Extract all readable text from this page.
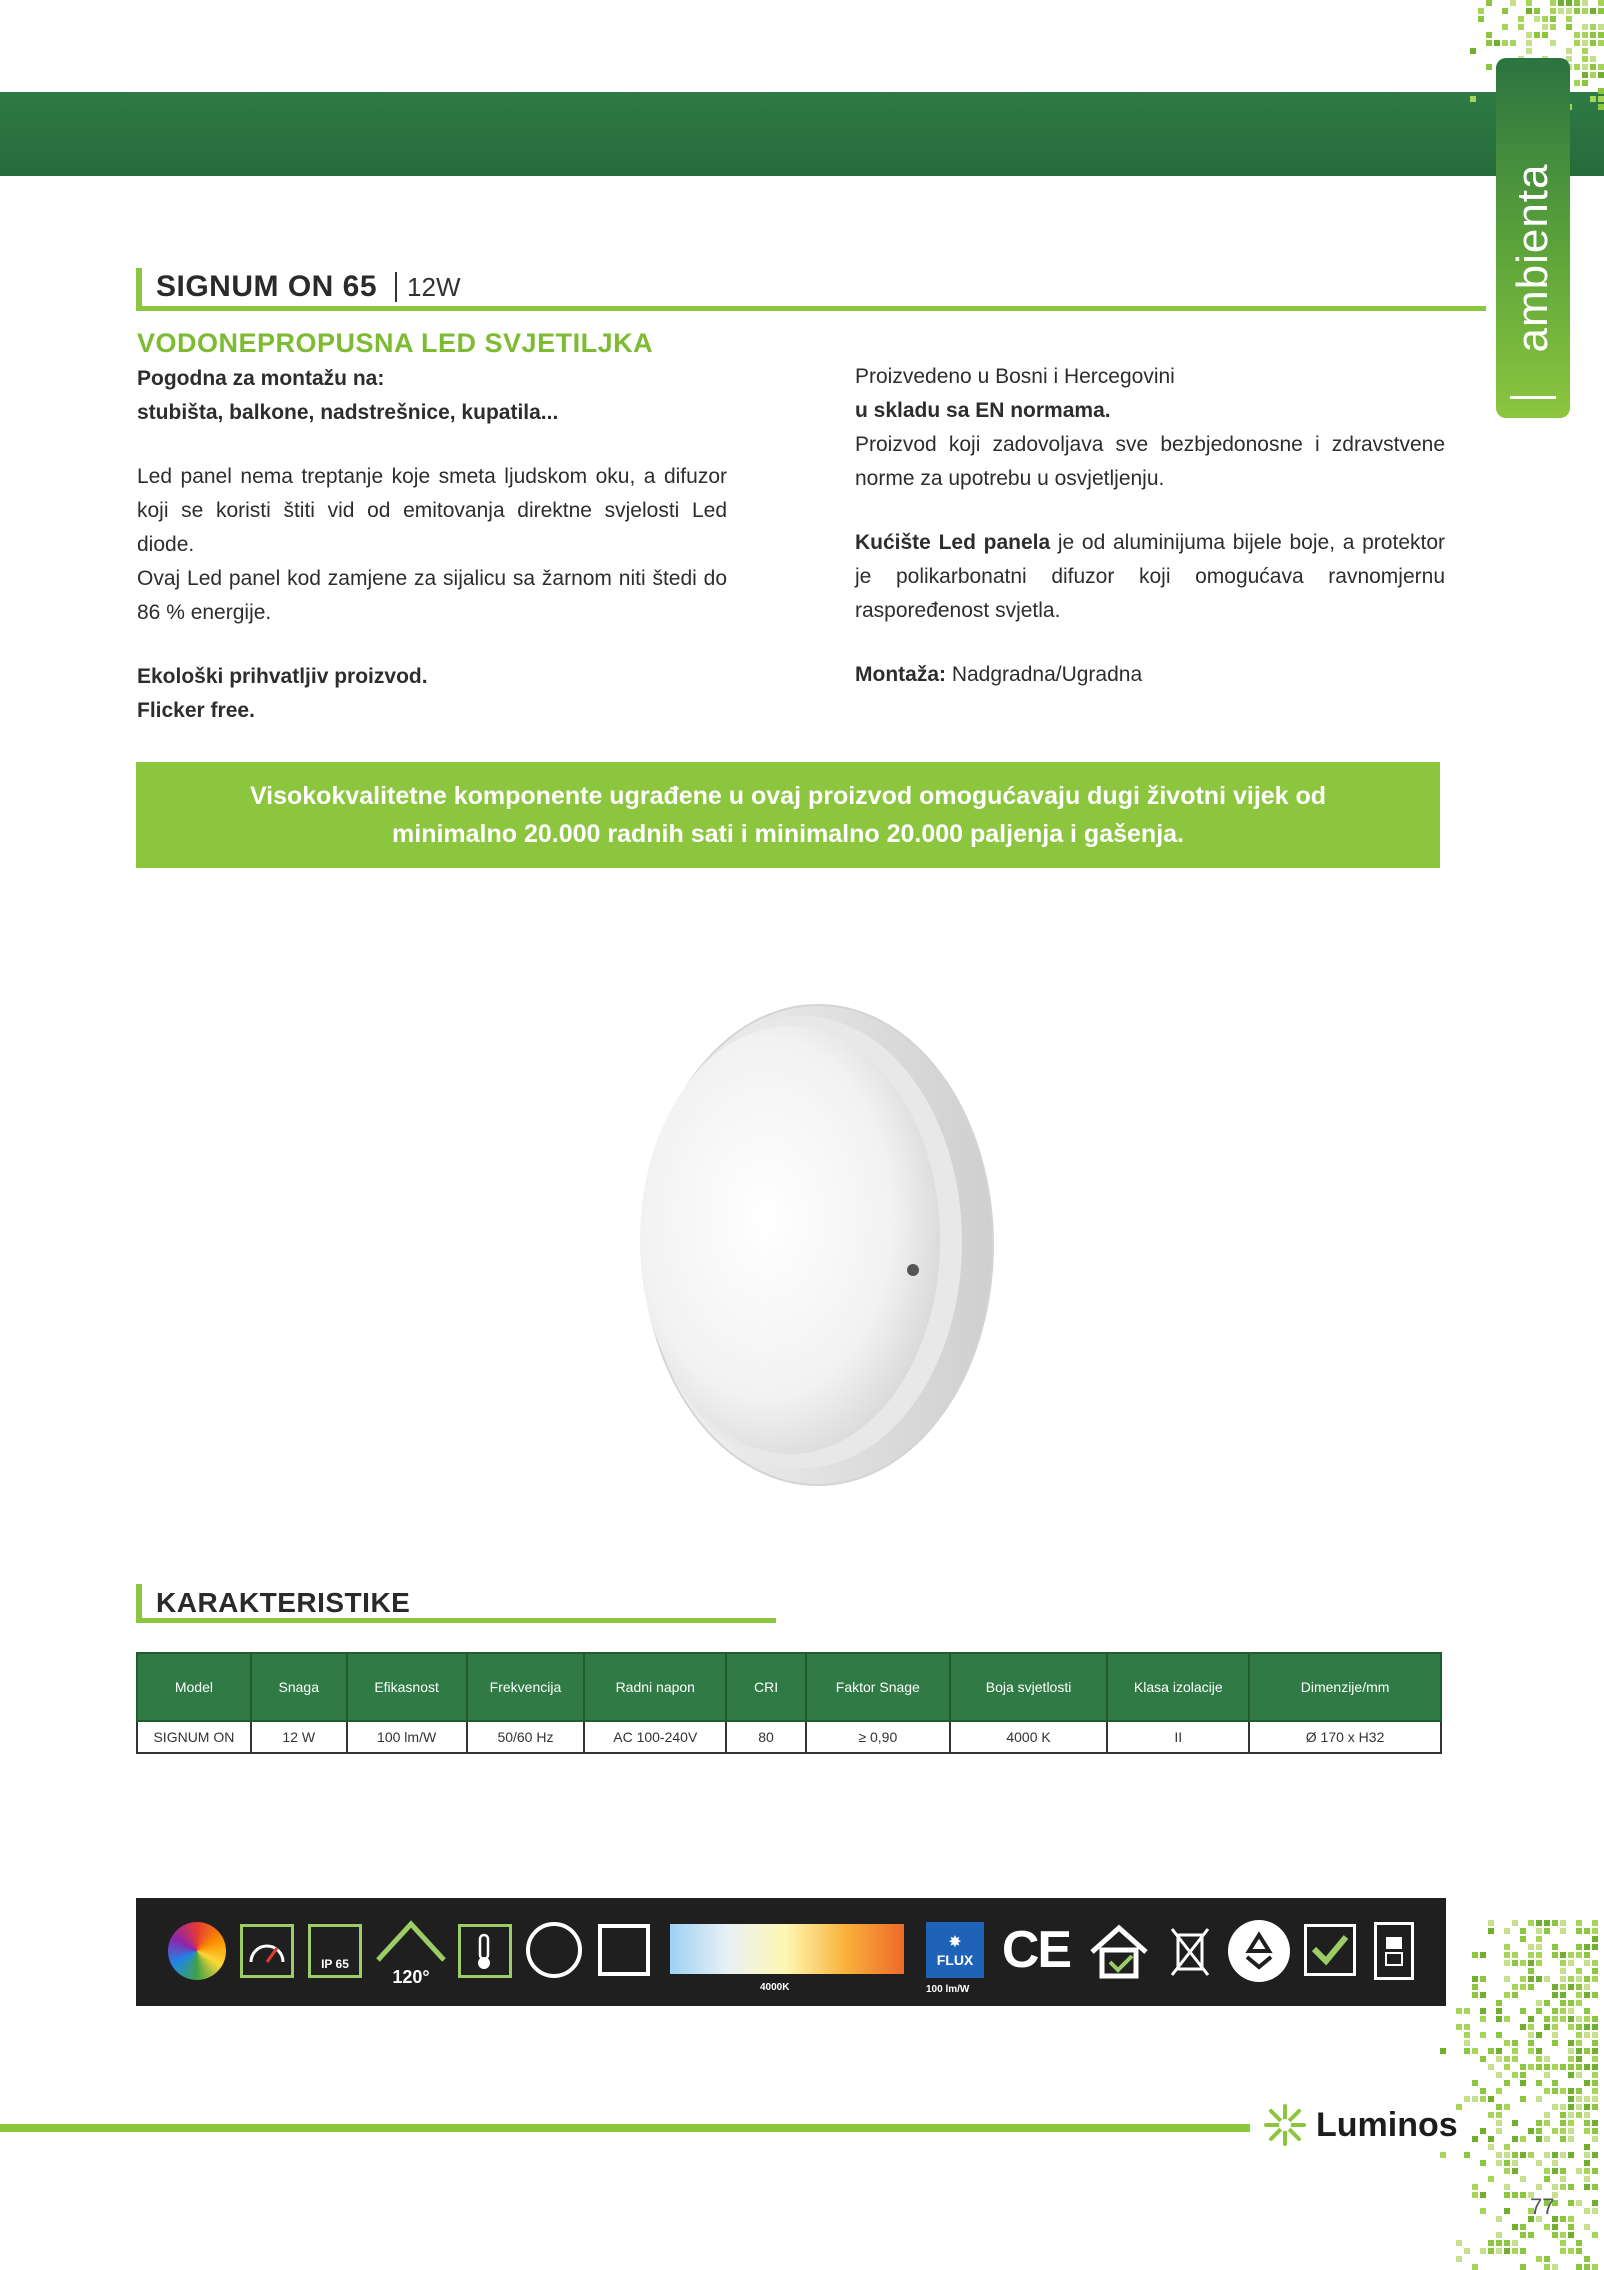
ambienta
SIGNUM ON 65 12W
VODONEPROPUSNA LED SVJETILJKA

Pogodna za montažu na:

stubišta, balkone, nadstrešnice, kupatila...

Led panel nema treptanje koje smeta ljudskom oku, a difuzor koji se koristi štiti vid od emitovanja direktne svjelosti Led diode.

Ovaj Led panel kod zamjene za sijalicu sa žarnom niti štedi do 86 % energije.

Ekološki prihvatljiv proizvod.

Flicker free.

Proizvedeno u Bosni i Hercegovini

u skladu sa EN normama.

Proizvod koji zadovoljava sve bezbjedonosne i zdravstvene norme za upotrebu u osvjetljenju.

Kućište Led panela je od aluminijuma bijele boje, a protektor je polikarbonatni difuzor koji omogućava ravnomjernu raspoređenost svjetla.

Montaža: Nadgradna/Ugradna

Visokokvalitetne komponente ugrađene u ovaj proizvod omogućavaju dugi životni vijek od
minimalno 20.000 radnih sati i minimalno 20.000 paljenja i gašenja.
KARAKTERISTIKE
Model	Snaga	Efikasnost	Frekvencija	Radni napon	CRI	Faktor Snage	Boja svjetlosti	Klasa izolacije	Dimenzije/mm
SIGNUM ON	12 W	100 lm/W	50/60 Hz	AC 100-240V	80	≥ 0,90	4000 K	II	Ø 170 x H32
IP 65
120°
4000K
✸
FLUX
100 lm/W
CE
Luminos
77
